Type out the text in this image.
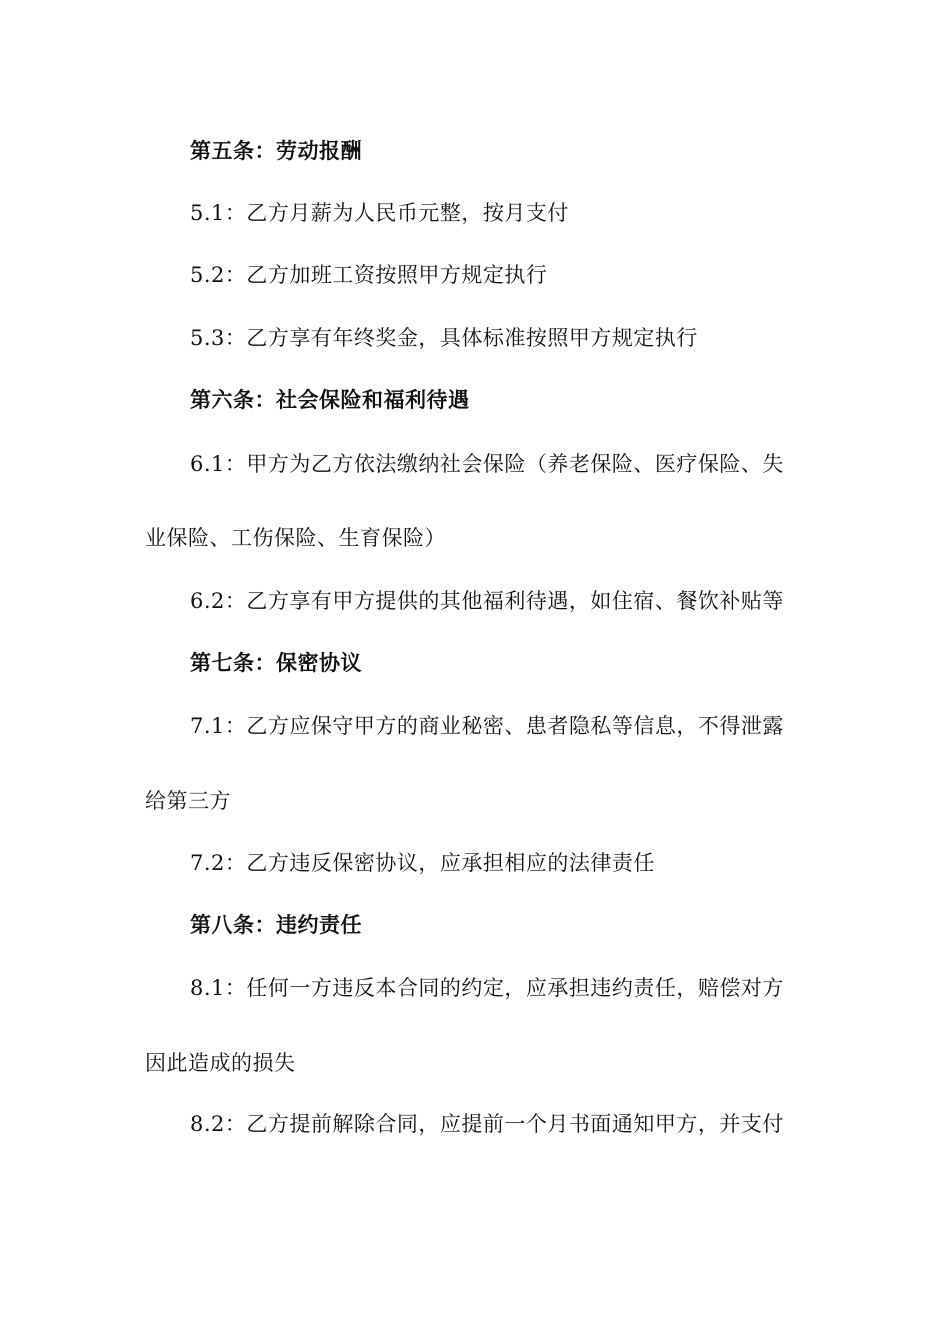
第五条：劳动报酬
5.1：乙方月薪为人民币元整，按月支付
5.2：乙方加班工资按照甲方规定执行
5.3：乙方享有年终奖金，具体标准按照甲方规定执行
第六条：社会保险和福利待遇
6.1：甲方为乙方依法缴纳社会保险（养老保险、医疗保险、失
业保险、工伤保险、生育保险）
6.2：乙方享有甲方提供的其他福利待遇，如住宿、餐饮补贴等
第七条：保密协议
7.1：乙方应保守甲方的商业秘密、患者隐私等信息，不得泄露
给第三方
7.2：乙方违反保密协议，应承担相应的法律责任
第八条：违约责任
8.1：任何一方违反本合同的约定，应承担违约责任，赔偿对方
因此造成的损失
8.2：乙方提前解除合同，应提前一个月书面通知甲方，并支付
